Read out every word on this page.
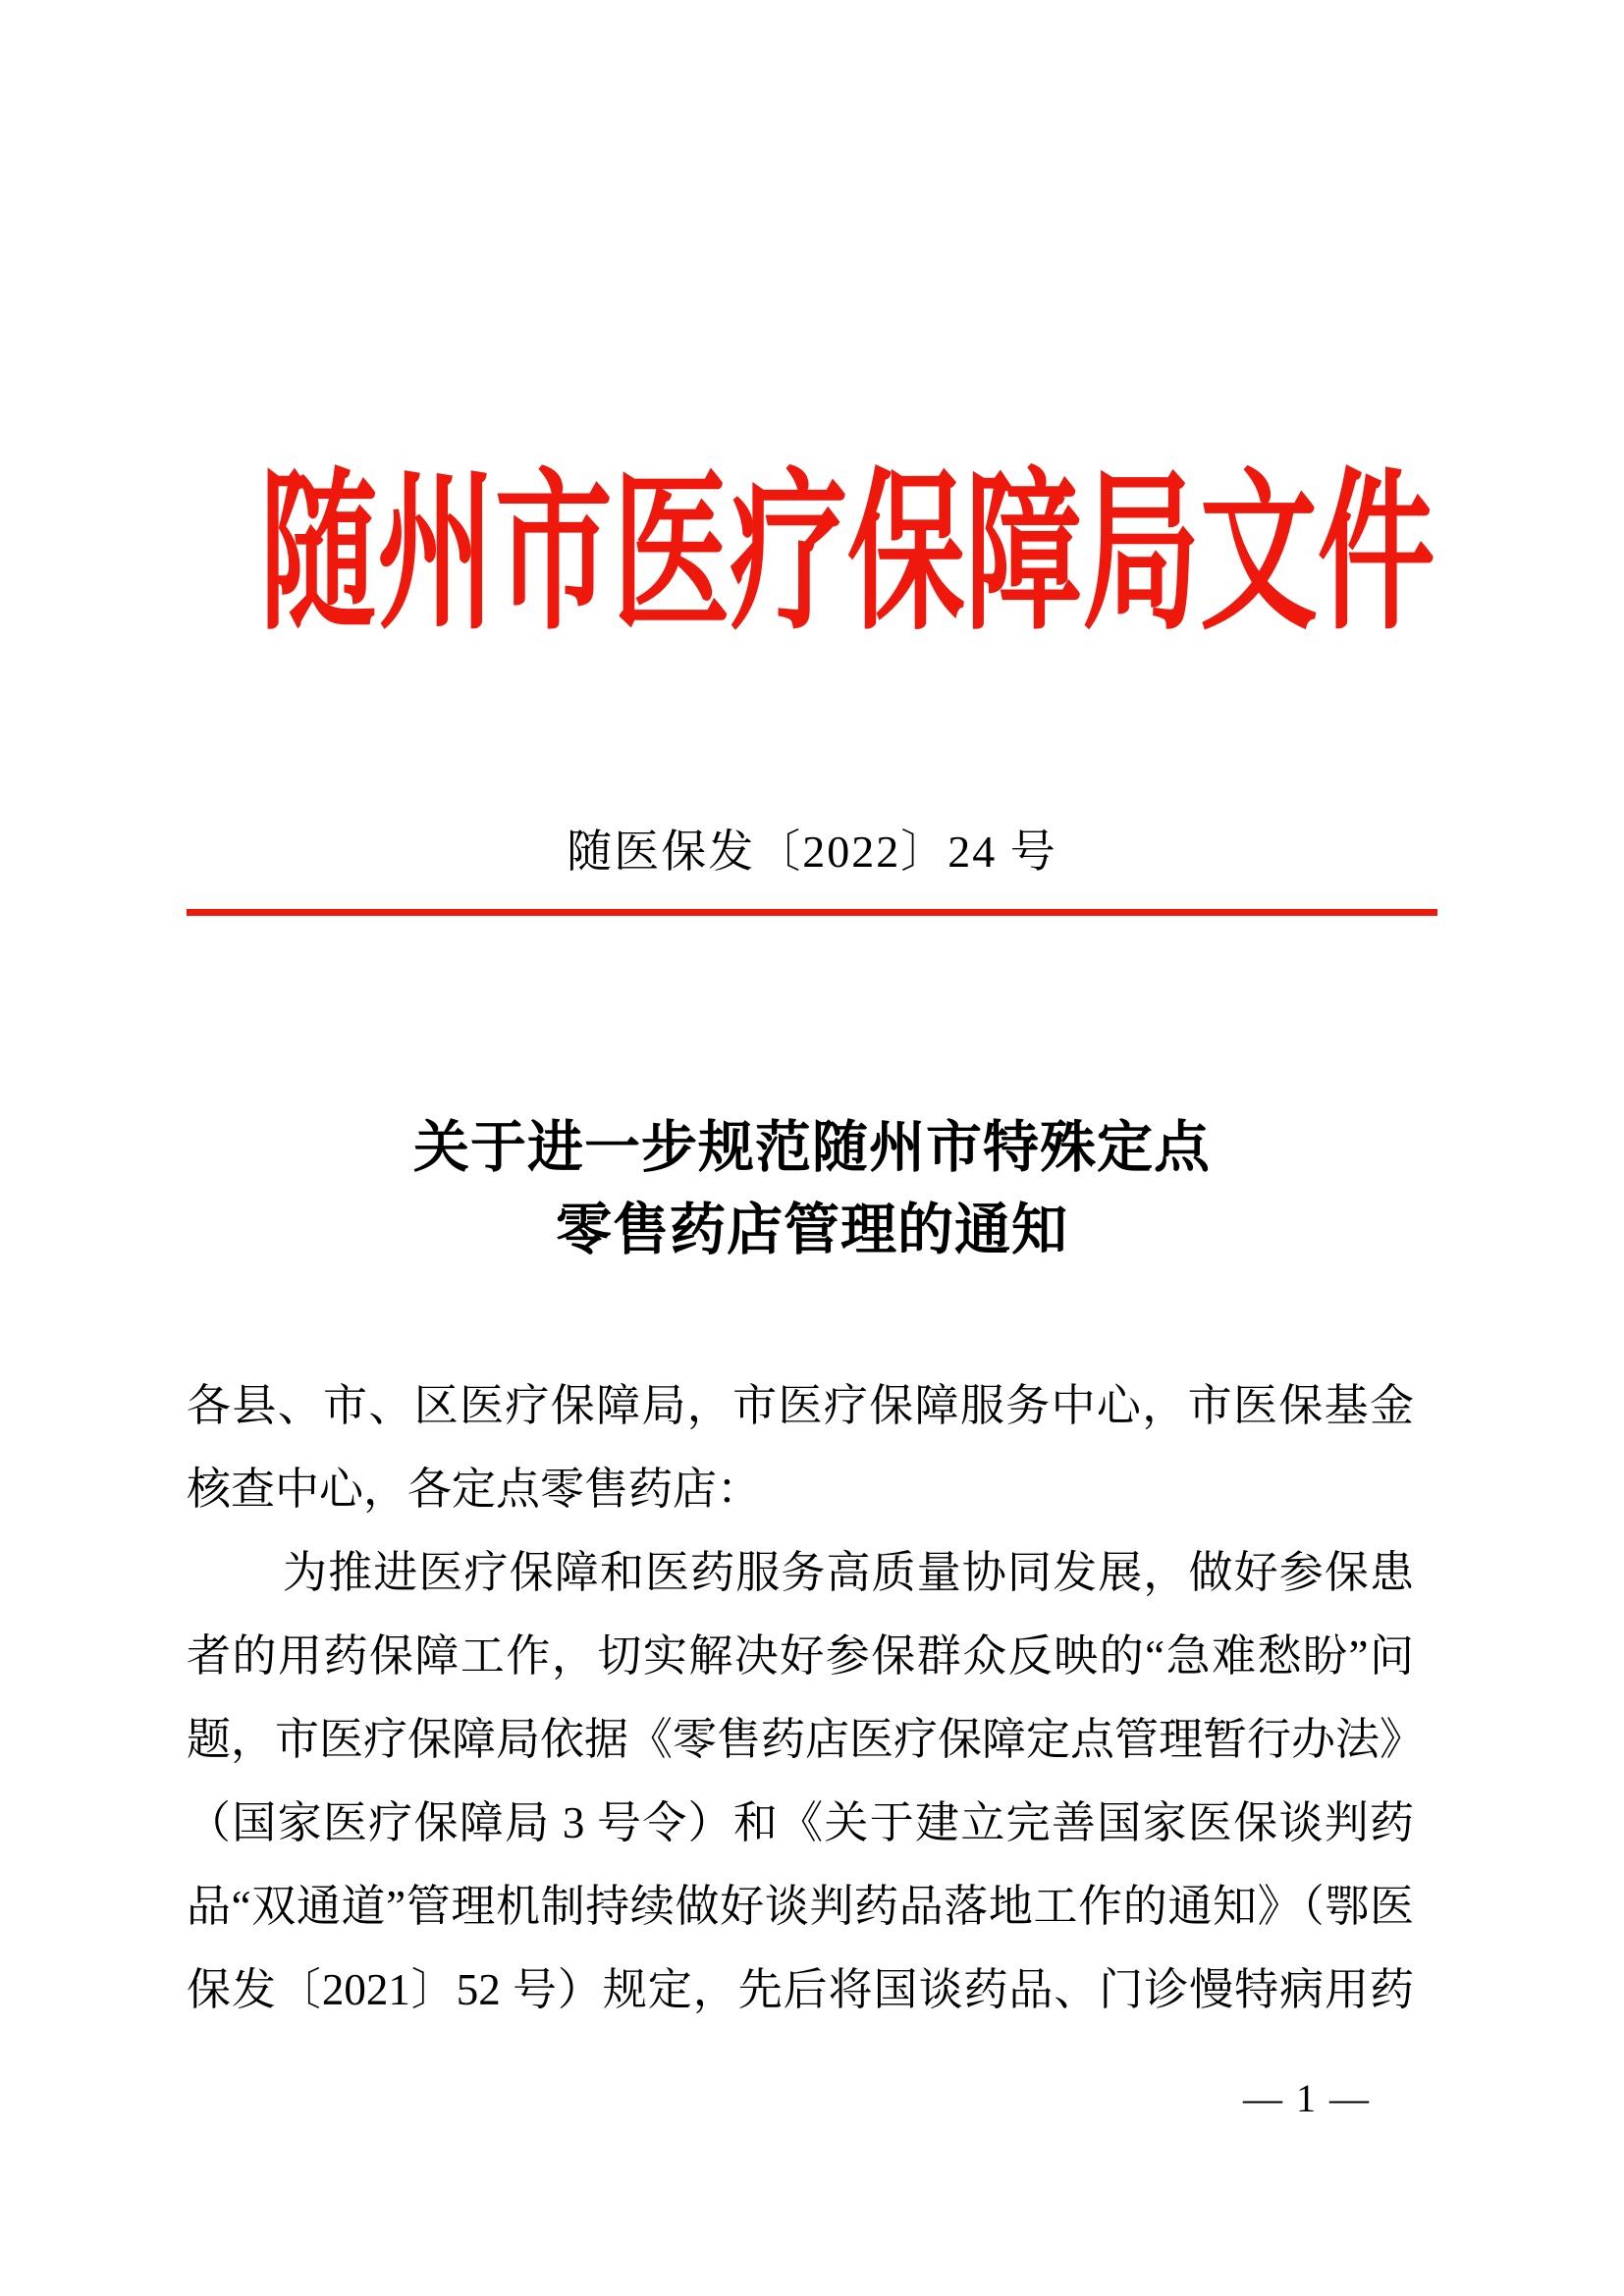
随州市医疗保障局文件
随医保发〔2022〕24 号
关于进一步规范随州市特殊定点
零售药店管理的通知
各县、市、区医疗保障局，市医疗保障服务中心，市医保基金
核查中心，各定点零售药店：
为推进医疗保障和医药服务高质量协同发展，做好参保患
者的用药保障工作，切实解决好参保群众反映的“急难愁盼”问
题，市医疗保障局依据《零售药店医疗保障定点管理暂行办法》
（国家医疗保障局 3 号令）和《关于建立完善国家医保谈判药
品“双通道”管理机制持续做好谈判药品落地工作的通知》（鄂医
保发〔2021〕52 号）规定，先后将国谈药品、门诊慢特病用药
— 1 —
